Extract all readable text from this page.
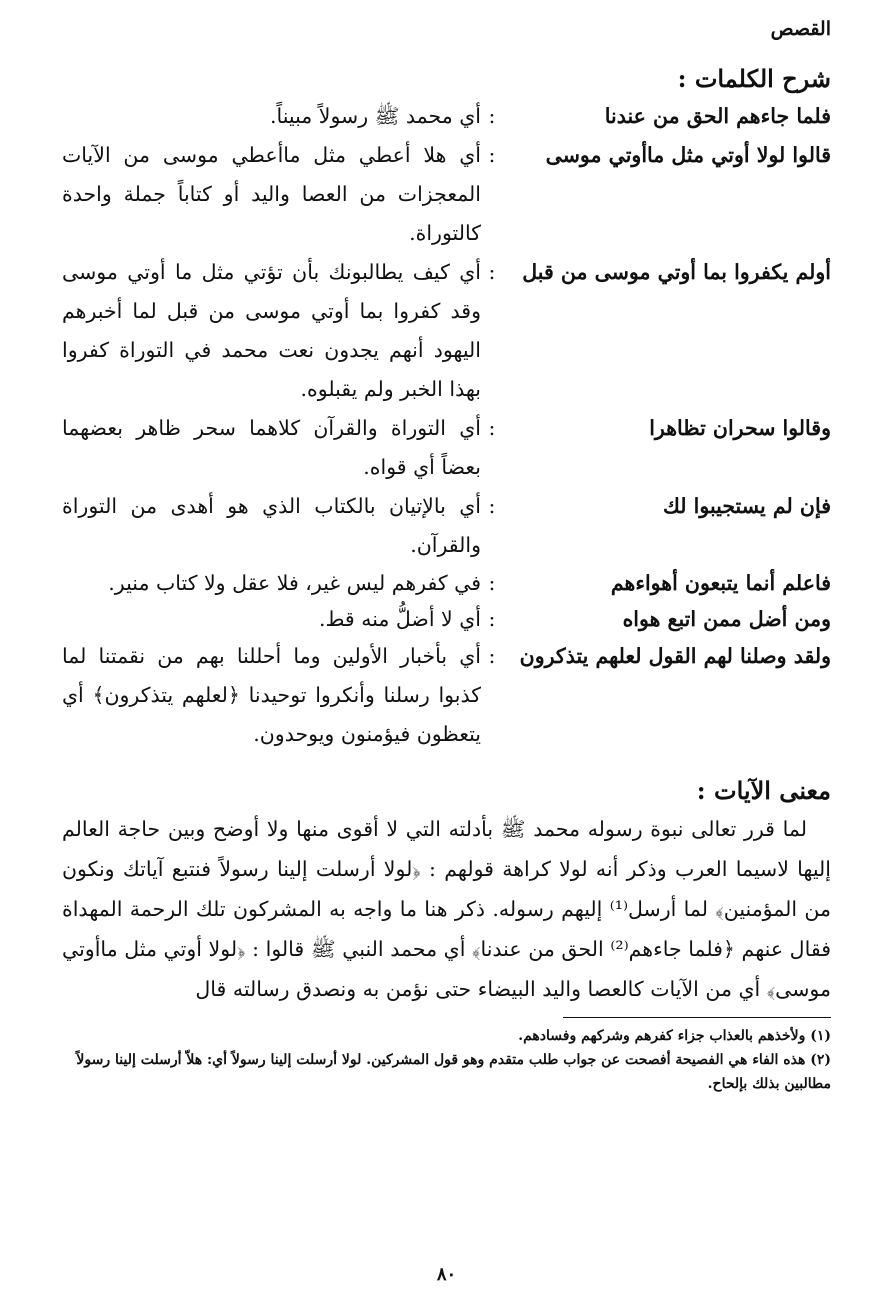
القصص
شرح الكلمات :
فلما جاءهم الحق من عندنا	:	أي محمد ﷺ رسولاً مبيناً.
قالوا لولا أوتي مثل ماأوتي موسى	:	أي هلا أعطي مثل ماأعطي موسى من الآيات المعجزات من العصا واليد أو كتاباً جملة واحدة كالتوراة.
أولم يكفروا بما أوتي موسى من قبل	:	أي كيف يطالبونك بأن تؤتي مثل ما أوتي موسى وقد كفروا بما أوتي موسى من قبل لما أخبرهم اليهود أنهم يجدون نعت محمد في التوراة كفروا بهذا الخبر ولم يقبلوه.
وقالوا سحران تظاهرا	:	أي التوراة والقرآن كلاهما سحر ظاهر بعضهما بعضاً أي قواه.
فإن لم يستجيبوا لك	:	أي بالإتيان بالكتاب الذي هو أهدى من التوراة والقرآن.
فاعلم أنما يتبعون أهواءهم	:	في كفرهم ليس غير، فلا عقل ولا كتاب منير.
ومن أضل ممن اتبع هواه	:	أي لا أضلُّ منه قط.
ولقد وصلنا لهم القول لعلهم يتذكرون	:	أي بأخبار الأولين وما أحللنا بهم من نقمتنا لما كذبوا رسلنا وأنكروا توحيدنا ﴿لعلهم يتذكرون﴾ أي يتعظون فيؤمنون ويوحدون.
معنى الآيات :

لما قرر تعالى نبوة رسوله محمد ﷺ بأدلته التي لا أقوى منها ولا أوضح وبين حاجة العالم إليها لاسيما العرب وذكر أنه لولا كراهة قولهم : ﴿لولا أرسلت إلينا رسولاً فنتبع آياتك ونكون من المؤمنين﴾ لما أرسل⁽¹⁾ إليهم رسوله. ذكر هنا ما واجه به المشركون تلك الرحمة المهداة فقال عنهم ﴿فلما جاءهم⁽²⁾ الحق من عندنا﴾ أي محمد النبي ﷺ قالوا : ﴿لولا أوتي مثل ماأوتي موسى﴾ أي من الآيات كالعصا واليد البيضاء حتى نؤمن به ونصدق رسالته قال

(١) ولأخذهم بالعذاب جزاء كفرهم وشركهم وفسادهم.

(٢) هذه الفاء هي الفصيحة أفصحت عن جواب طلب متقدم وهو قول المشركين. لولا أرسلت إلينا رسولاً أي: هلاّ أرسلت إلينا رسولاً مطالبين بذلك بإلحاح.

٨٠
